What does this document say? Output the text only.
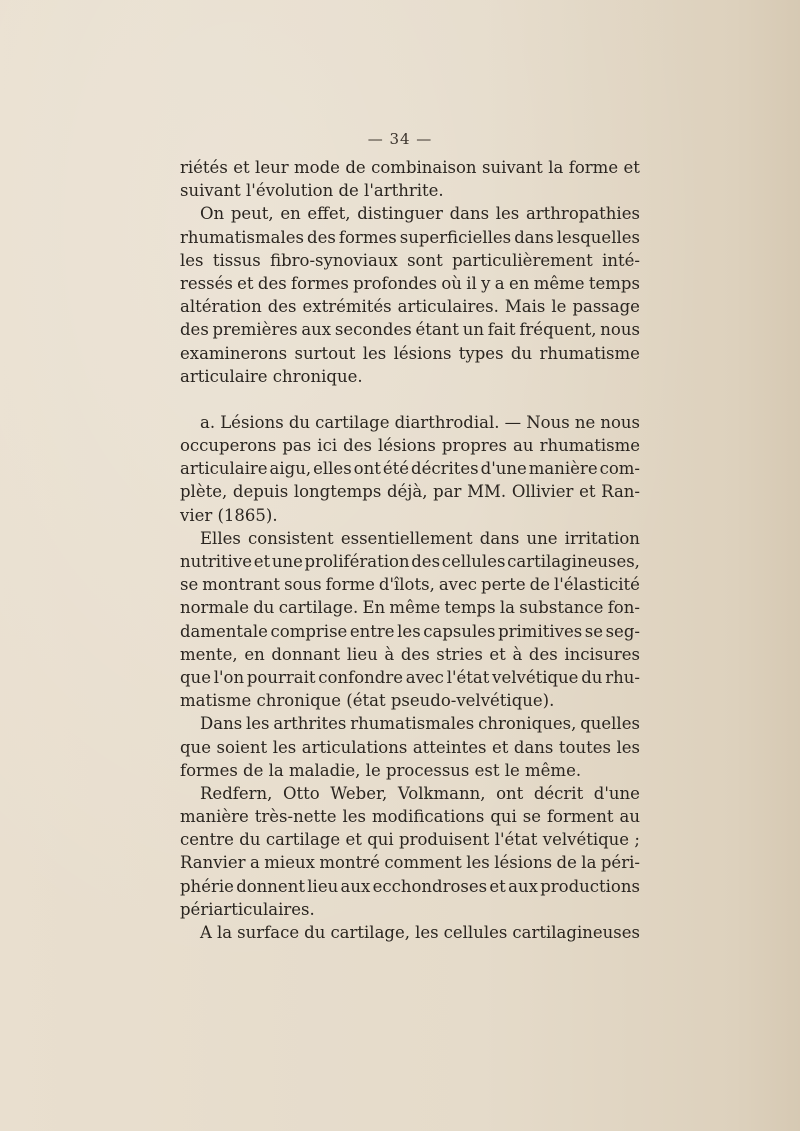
— 34 —
riétés et leur mode de combinaison suivant la forme et
suivant l'évolution de l'arthrite.
On peut, en effet, distinguer dans les arthropathies
rhumatismales des formes superficielles dans lesquelles
les tissus fibro-synoviaux sont particulièrement inté-
ressés et des formes profondes où il y a en même temps
altération des extrémités articulaires. Mais le passage
des premières aux secondes étant un fait fréquent, nous
examinerons surtout les lésions types du rhumatisme
articulaire chronique.
a. Lésions du cartilage diarthrodial. — Nous ne nous
occuperons pas ici des lésions propres au rhumatisme
articulaire aigu, elles ont été décrites d'une manière com-
plète, depuis longtemps déjà, par MM. Ollivier et Ran-
vier (1865).
Elles consistent essentiellement dans une irritation
nutritive et une prolifération des cellules cartilagineuses,
se montrant sous forme d'îlots, avec perte de l'élasticité
normale du cartilage. En même temps la substance fon-
damentale comprise entre les capsules primitives se seg-
mente, en donnant lieu à des stries et à des incisures
que l'on pourrait confondre avec l'état velvétique du rhu-
matisme chronique (état pseudo-velvétique).
Dans les arthrites rhumatismales chroniques, quelles
que soient les articulations atteintes et dans toutes les
formes de la maladie, le processus est le même.
Redfern, Otto Weber, Volkmann, ont décrit d'une
manière très-nette les modifications qui se forment au
centre du cartilage et qui produisent l'état velvétique ;
Ranvier a mieux montré comment les lésions de la péri-
phérie donnent lieu aux ecchondroses et aux productions
périarticulaires.
A la surface du cartilage, les cellules cartilagineuses
